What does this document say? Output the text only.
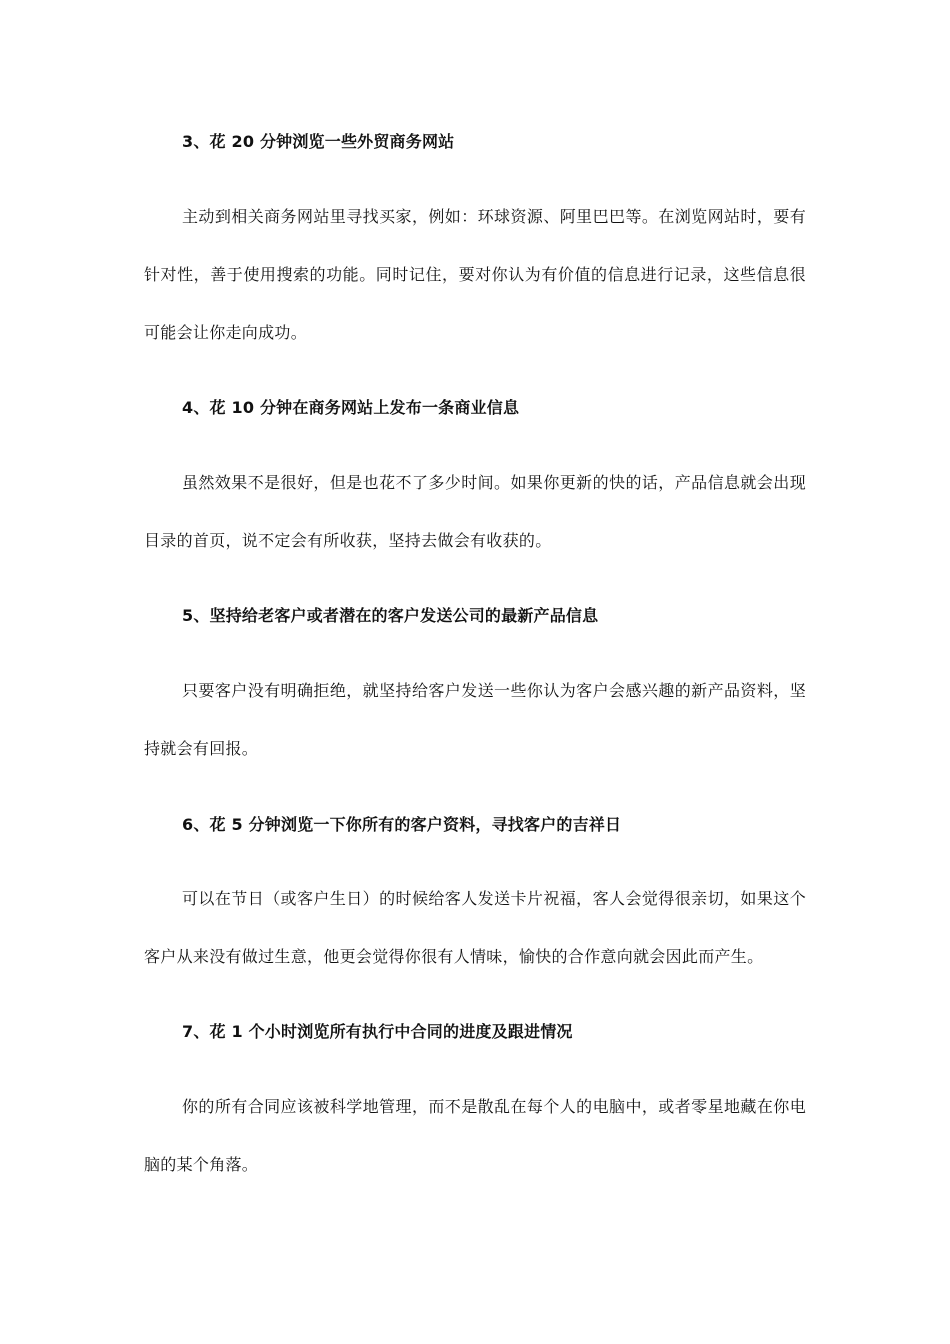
3、花 20 分钟浏览一些外贸商务网站
主动到相关商务网站里寻找买家，例如：环球资源、阿里巴巴等。在浏览网站时，要有针对性，善于使用搜索的功能。同时记住，要对你认为有价值的信息进行记录，这些信息很可能会让你走向成功。
4、花 10 分钟在商务网站上发布一条商业信息
虽然效果不是很好，但是也花不了多少时间。如果你更新的快的话，产品信息就会出现目录的首页，说不定会有所收获，坚持去做会有收获的。
5、坚持给老客户或者潜在的客户发送公司的最新产品信息
只要客户没有明确拒绝，就坚持给客户发送一些你认为客户会感兴趣的新产品资料，坚持就会有回报。
6、花 5 分钟浏览一下你所有的客户资料，寻找客户的吉祥日
可以在节日（或客户生日）的时候给客人发送卡片祝福，客人会觉得很亲切，如果这个客户从来没有做过生意，他更会觉得你很有人情味，愉快的合作意向就会因此而产生。
7、花 1 个小时浏览所有执行中合同的进度及跟进情况
你的所有合同应该被科学地管理，而不是散乱在每个人的电脑中，或者零星地藏在你电脑的某个角落。
